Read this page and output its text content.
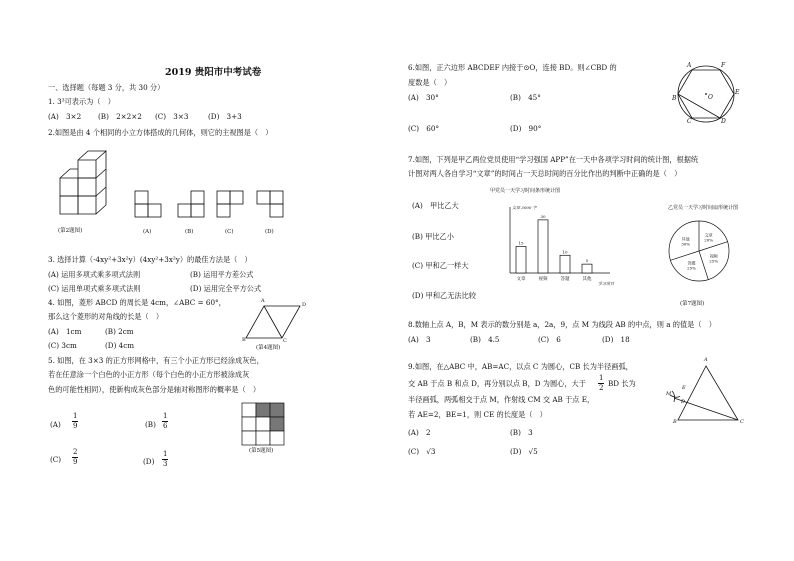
2019 贵阳市中考试卷
一、选择题（每题 3 分，共 30 分）
1. 3³可表示为（　）
(A)　3×2 (B)　2×2×2 (C)　3×3	(D)　3+3
2.如图是由 4 个相同的小立方体搭成的几何体，则它的主视图是（　）
(第2题图)	(A)	(B)	(C)	(D)
3. 选择计算（-4xy²+3x²y）(4xy²+3x²y）的最佳方法是（　）
(A) 运用多项式乘多项式法则	(B) 运用平方差公式
(C) 运用单项式乘多项式法则	(D) 运用完全平方公式
4. 如图，菱形 ABCD 的周长是 4cm，∠ABC = 60°，
那么这个菱形的对角线的长是（　）
(A)　1cm	(B) 2cm
(C) 3cm	(D) 4cm
A
B	C
D
(第4题图)
5. 如图，在 3×3 的正方形网格中，有三个小正方形已经涂成灰色，
若在任意涂一个白色的小正方形（每个白色的小正方形被涂成灰
色的可能性相同），使新构成灰色部分是轴对称图形的概率是（　）
$(A) \frac{1}{9}$	$(B) \frac{1}{6}$
$(C) \frac{2}{9}$	$(D) \frac{1}{3}$	(第5题图)
6.如图，正六边形 ABCDEF 内接于⊙O，连接 BD。则∠CBD 的
度数是（　）
(A)　30°	(B)　45°
(C)　60°	(D)　90°
A	F
B
E
C	D
O
7.如图，下列是甲乙两位党员使用“学习强国 APP”在一天中各项学习时间的统计图，根据统
计图对两人各自学习“文章”的时间占一天总时间的百分比作出的判断中正确的是（　）
(A)　甲比乙大
(B) 甲比乙小
(C) 甲和乙一样大
(D) 甲和乙无法比较
甲党员一天学习时间条形统计图
15
文章
30
视频
10
答题
5
其他
文章 3000 字
学习项目
乙党员一天学习时间扇形统计图
文章
20%
视频
25%
答题
25%
其他
30%
(第7题图)
8.数轴上点 A，B，M 表示的数分别是 a，2a，9，点 M 为线段 AB 的中点，则 a 的值是（　）
(A)　3	(B)　4.5	(C)　6	(D)　18
9.如图，在△ABC 中，AB=AC，以点 C 为圆心，CB 长为半径画弧，
交 AB 于点 B 和点 D，再分别以点 B，D 为圆心，大于 $\frac{1}{2}$ BD 长为
半径画弧，两弧相交于点 M，作射线 CM 交 AB 于点 E，
若 AE=2，BE=1，则 CE 的长度是（　）
(A)　2	(B)　3
(C)　√3	(D)　√5
A
B	C
D
E
M
